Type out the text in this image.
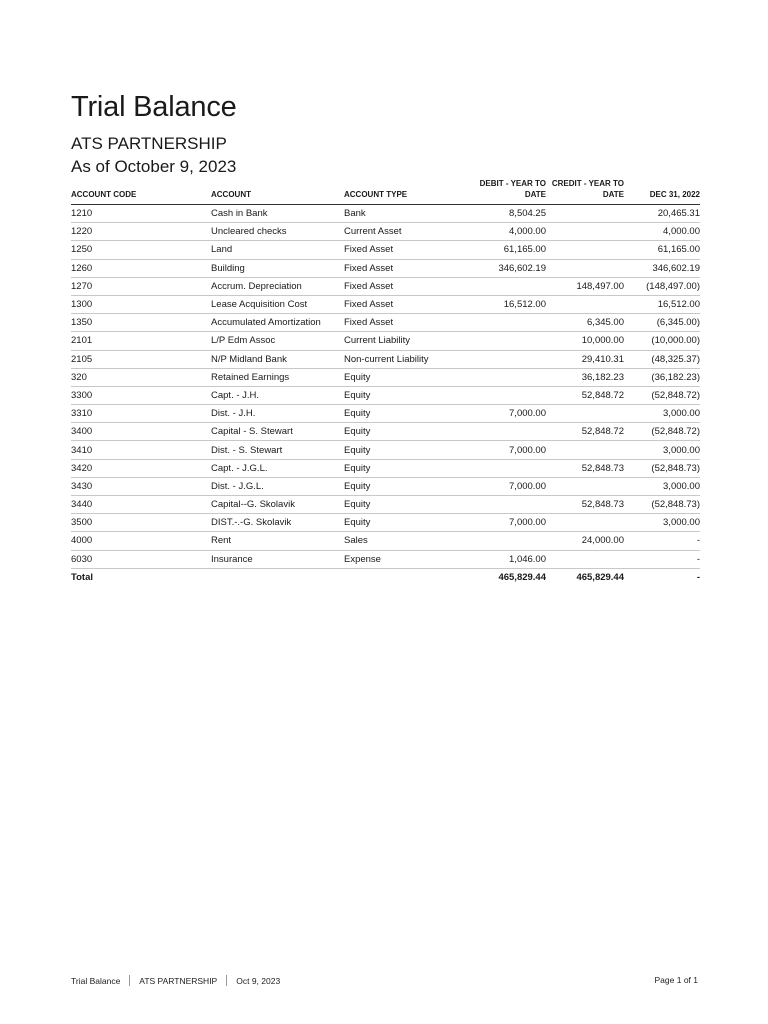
Trial Balance
ATS PARTNERSHIP
As of October 9, 2023
ACCOUNT CODE	ACCOUNT	ACCOUNT TYPE	DEBIT - YEAR TO DATE	CREDIT - YEAR TO DATE	DEC 31, 2022
1210	Cash in Bank	Bank	8,504.25		20,465.31
1220	Uncleared checks	Current Asset	4,000.00		4,000.00
1250	Land	Fixed Asset	61,165.00		61,165.00
1260	Building	Fixed Asset	346,602.19		346,602.19
1270	Accrum. Depreciation	Fixed Asset		148,497.00	(148,497.00)
1300	Lease Acquisition Cost	Fixed Asset	16,512.00		16,512.00
1350	Accumulated Amortization	Fixed Asset		6,345.00	(6,345.00)
2101	L/P Edm Assoc	Current Liability		10,000.00	(10,000.00)
2105	N/P Midland Bank	Non-current Liability		29,410.31	(48,325.37)
320	Retained Earnings	Equity		36,182.23	(36,182.23)
3300	Capt. - J.H.	Equity		52,848.72	(52,848.72)
3310	Dist. - J.H.	Equity	7,000.00		3,000.00
3400	Capital - S. Stewart	Equity		52,848.72	(52,848.72)
3410	Dist. - S. Stewart	Equity	7,000.00		3,000.00
3420	Capt. - J.G.L.	Equity		52,848.73	(52,848.73)
3430	Dist. - J.G.L.	Equity	7,000.00		3,000.00
3440	Capital--G. Skolavik	Equity		52,848.73	(52,848.73)
3500	DIST.-.-G. Skolavik	Equity	7,000.00		3,000.00
4000	Rent	Sales		24,000.00	-
6030	Insurance	Expense	1,046.00		-
Total			465,829.44	465,829.44	-
Trial Balance ATS PARTNERSHIP Oct 9, 2023	Page 1 of 1
